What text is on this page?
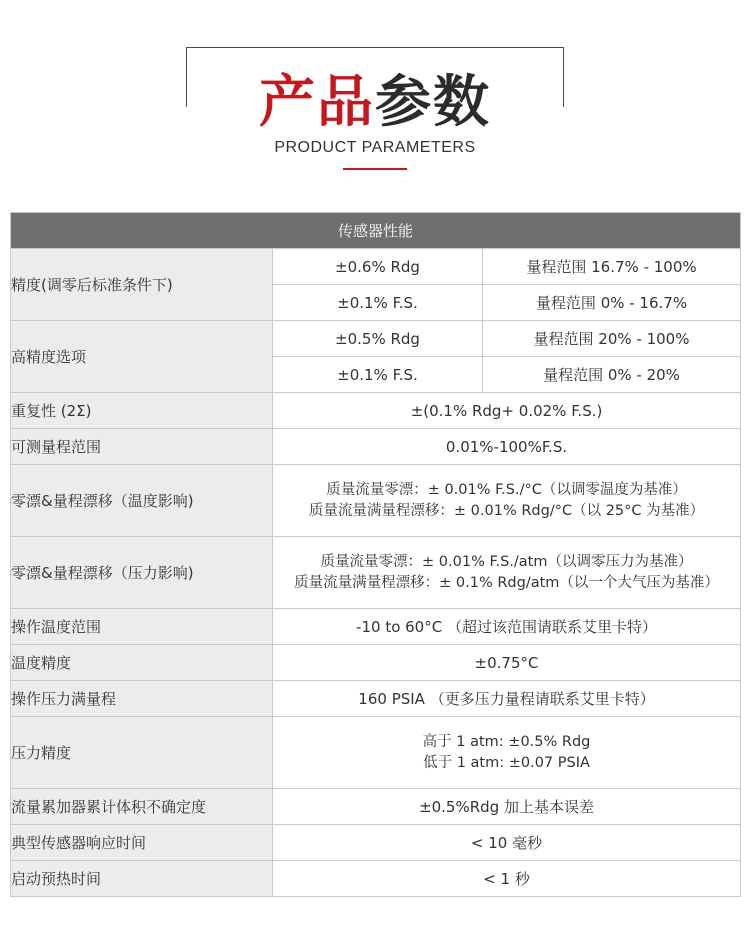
产品参数
PRODUCT PARAMETERS
传感器性能		
精度(调零后标准条件下)	±0.6% Rdg	量程范围 16.7% - 100%
	±0.1% F.S.	量程范围 0% - 16.7%
高精度选项	±0.5% Rdg	量程范围 20% - 100%
	±0.1% F.S.	量程范围 0% - 20%
重复性 (2Σ)	±(0.1% Rdg+ 0.02% F.S.)	
可测量程范围	0.01%-100%F.S.	
零漂&量程漂移（温度影响)	质量流量零漂：± 0.01% F.S./°C（以调零温度为基准）
质量流量满量程漂移：± 0.01% Rdg/°C（以 25°C 为基准）	

零漂&量程漂移（压力影响)	质量流量零漂：± 0.01% F.S./atm（以调零压力为基准）
质量流量满量程漂移：± 0.1% Rdg/atm（以一个大气压为基准）	

操作温度范围	-10 to 60°C （超过该范围请联系艾里卡特）	
温度精度	±0.75°C	
操作压力满量程	160 PSIA （更多压力量程请联系艾里卡特）	
压力精度	高于 1 atm: ±0.5% Rdg
低于 1 atm: ±0.07 PSIA	

流量累加器累计体积不确定度	±0.5%Rdg 加上基本误差	
典型传感器响应时间	< 10 毫秒	
启动预热时间	< 1 秒	
